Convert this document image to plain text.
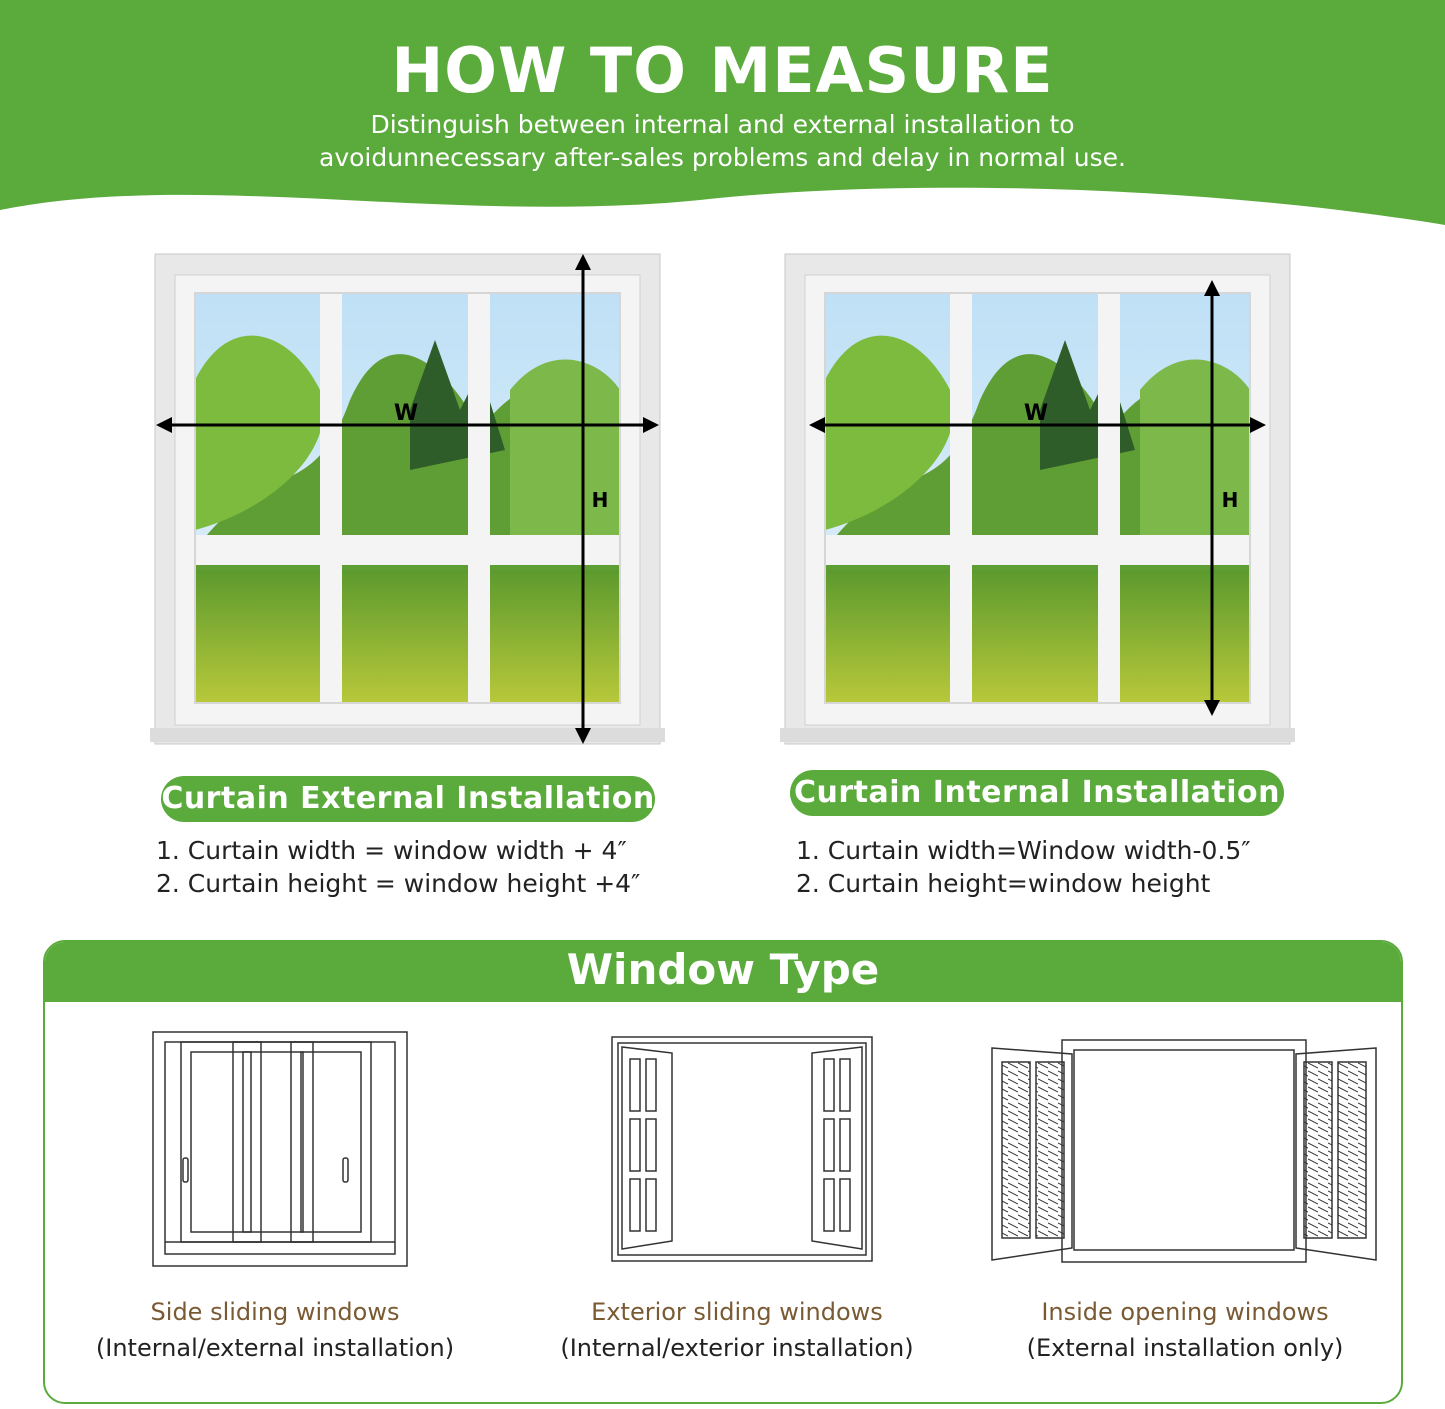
HOW TO MEASURE
Distinguish between internal and external installation to
avoidunnecessary after-sales problems and delay in normal use.
W
H
W
H
Curtain External Installation
1. Curtain width = window width + 4″
2. Curtain height = window height +4″
Curtain Internal Installation
1. Curtain width=Window width-0.5″
2. Curtain height=window height
Window Type
Side sliding windows
(Internal/external installation)
Exterior sliding windows
(Internal/exterior installation)
Inside opening windows
(External installation only)
